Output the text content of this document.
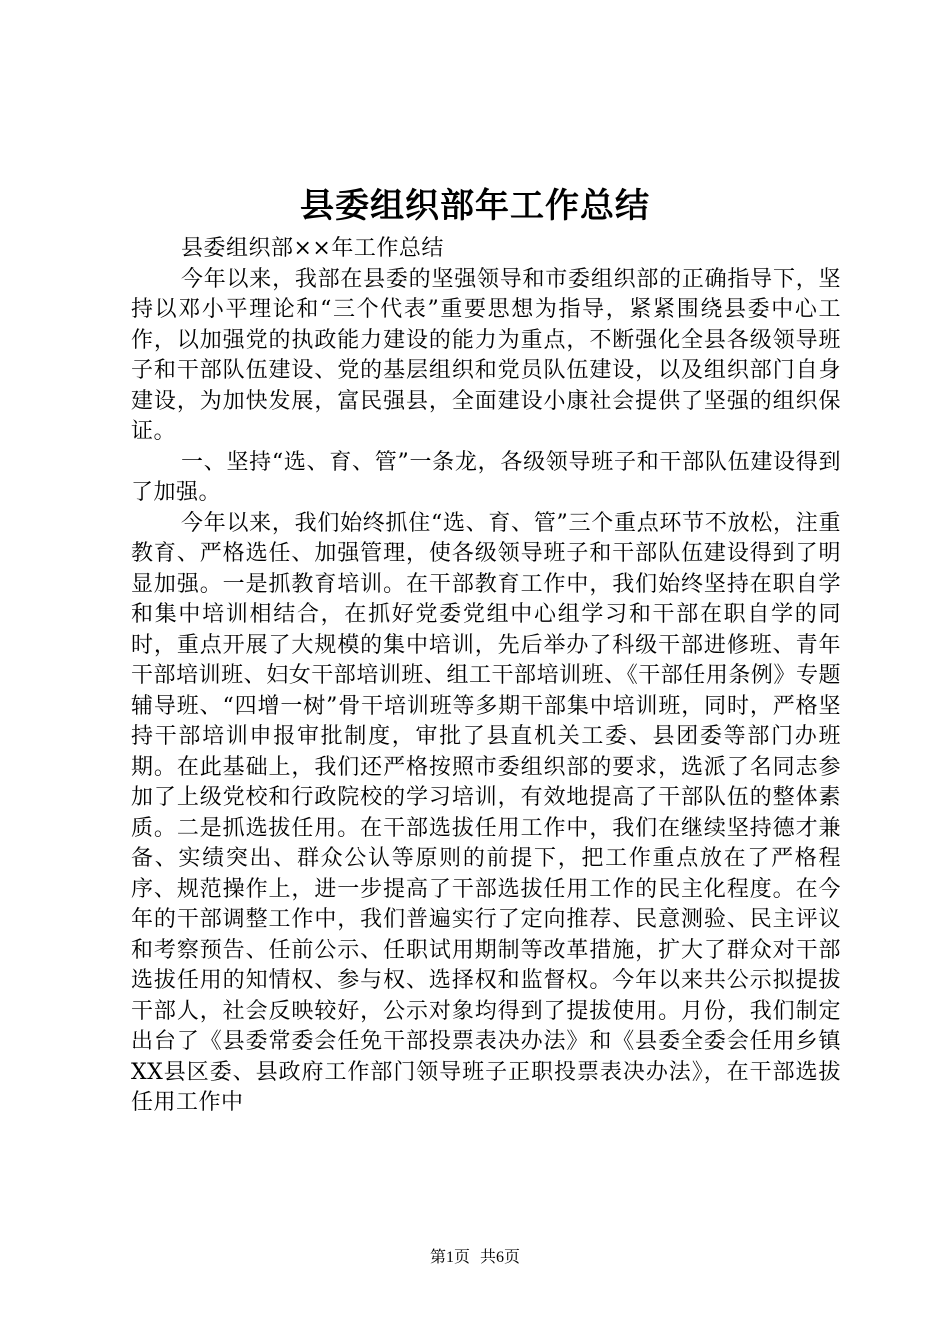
县委组织部年工作总结

县委组织部××年工作总结

今年以来，我部在县委的坚强领导和市委组织部的正确指导下，坚持以邓小平理论和“三个代表”重要思想为指导，紧紧围绕县委中心工作，以加强党的执政能力建设的能力为重点，不断强化全县各级领导班子和干部队伍建设、党的基层组织和党员队伍建设，以及组织部门自身建设，为加快发展，富民强县，全面建设小康社会提供了坚强的组织保证。

一、坚持“选、育、管”一条龙，各级领导班子和干部队伍建设得到了加强。

今年以来，我们始终抓住“选、育、管”三个重点环节不放松，注重教育、严格选任、加强管理，使各级领导班子和干部队伍建设得到了明显加强。一是抓教育培训。在干部教育工作中，我们始终坚持在职自学和集中培训相结合，在抓好党委党组中心组学习和干部在职自学的同时，重点开展了大规模的集中培训，先后举办了科级干部进修班、青年干部培训班、妇女干部培训班、组工干部培训班、《干部任用条例》专题辅导班、“四增一树”骨干培训班等多期干部集中培训班，同时，严格坚持干部培训申报审批制度，审批了县直机关工委、县团委等部门办班期。在此基础上，我们还严格按照市委组织部的要求，选派了名同志参加了上级党校和行政院校的学习培训，有效地提高了干部队伍的整体素质。二是抓选拔任用。在干部选拔任用工作中，我们在继续坚持德才兼备、实绩突出、群众公认等原则的前提下，把工作重点放在了严格程序、规范操作上，进一步提高了干部选拔任用工作的民主化程度。在今年的干部调整工作中，我们普遍实行了定向推荐、民意测验、民主评议和考察预告、任前公示、任职试用期制等改革措施，扩大了群众对干部选拔任用的知情权、参与权、选择权和监督权。今年以来共公示拟提拔干部人，社会反映较好，公示对象均得到了提拔使用。月份，我们制定出台了《县委常委会任免干部投票表决办法》和《县委全委会任用乡镇XX县区委、县政府工作部门领导班子正职投票表决办法》，在干部选拔任用工作中

第1页 共6页
